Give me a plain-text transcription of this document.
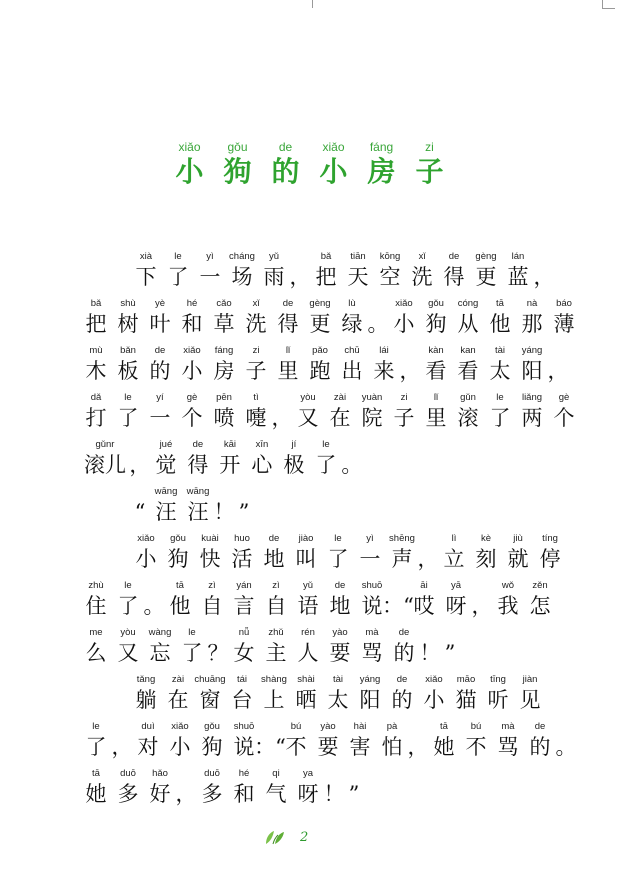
xiǎo
小
gǒu
狗
de
的
xiǎo
小
fáng
房
zi
子
xià
下
le
了
yì
一
cháng
场
yǔ
雨 ，
bǎ
把
tiān
天
kōng
空
xǐ
洗
de
得
gèng
更
lán
蓝 ，
bǎ
把
shù
树
yè
叶
hé
和
cǎo
草
xǐ
洗
de
得
gèng
更
lù
绿 。
xiǎo
小
gǒu
狗
cóng
从
tā
他
nà
那
báo
薄
mù
木
bǎn
板
de
的
xiǎo
小
fáng
房
zi
子
lǐ
里
pǎo
跑
chū
出
lái
来 ，
kàn
看
kan
看
tài
太
yáng
阳 ，
dǎ
打
le
了
yí
一
gè
个
pēn
喷
tì
嚏 ，
yòu
又
zài
在
yuàn
院
zi
子
lǐ
里
gǔn
滚
le
了
liǎng
两
gè
个
gǔnr
滚儿 ，
jué
觉
de
得
kāi
开
xīn
心
jí
极
le
了 。
“
wāng
汪
wāng
汪 ！ ”
xiǎo
小
gǒu
狗
kuài
快
huo
活
de
地
jiào
叫
le
了
yì
一
shēng
声 ，
lì
立
kè
刻
jiù
就
tíng
停
zhù
住
le
了 。
tā
他
zì
自
yán
言
zì
自
yǔ
语
de
地
shuō
说 ：“
āi
哎
yā
呀 ，
wǒ
我
zěn
怎
me
么
yòu
又
wàng
忘
le
了 ？
nǚ
女
zhǔ
主
rén
人
yào
要
mà
骂
de
的 ！ ”
tǎng
躺
zài
在
chuāng
窗
tái
台
shàng
上
shài
晒
tài
太
yáng
阳
de
的
xiǎo
小
māo
猫
tīng
听
jiàn
见
le
了 ，
duì
对
xiǎo
小
gǒu
狗
shuō
说 ：“
bú
不
yào
要
hài
害
pà
怕 ，
tā
她
bú
不
mà
骂
de
的 。
tā
她
duō
多
hǎo
好 ，
duō
多
hé
和
qi
气
ya
呀 ！ ”
2
